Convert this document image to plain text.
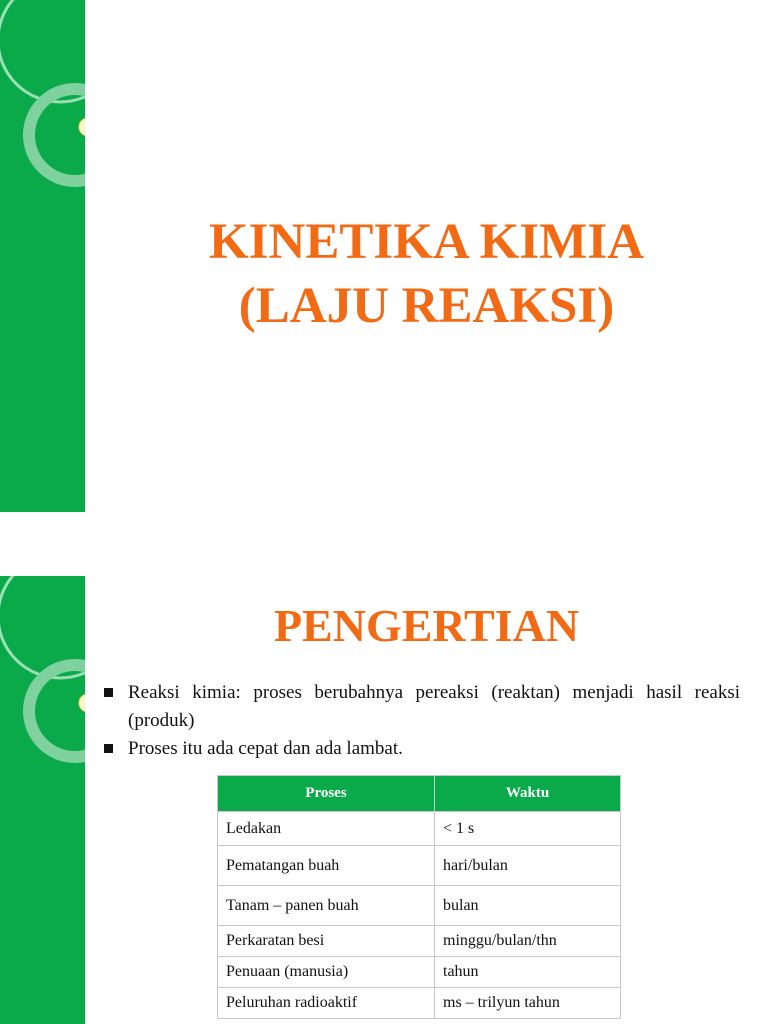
KINETIKA KIMIA
(LAJU REAKSI)
PENGERTIAN
Reaksi kimia: proses berubahnya pereaksi (reaktan) menjadi hasil reaksi (produk)
Proses itu ada cepat dan ada lambat.
Proses	Waktu
Ledakan	< 1 s
Pematangan buah	hari/bulan
Tanam – panen buah	bulan
Perkaratan besi	minggu/bulan/thn
Penuaan (manusia)	tahun
Peluruhan radioaktif	ms – trilyun tahun
